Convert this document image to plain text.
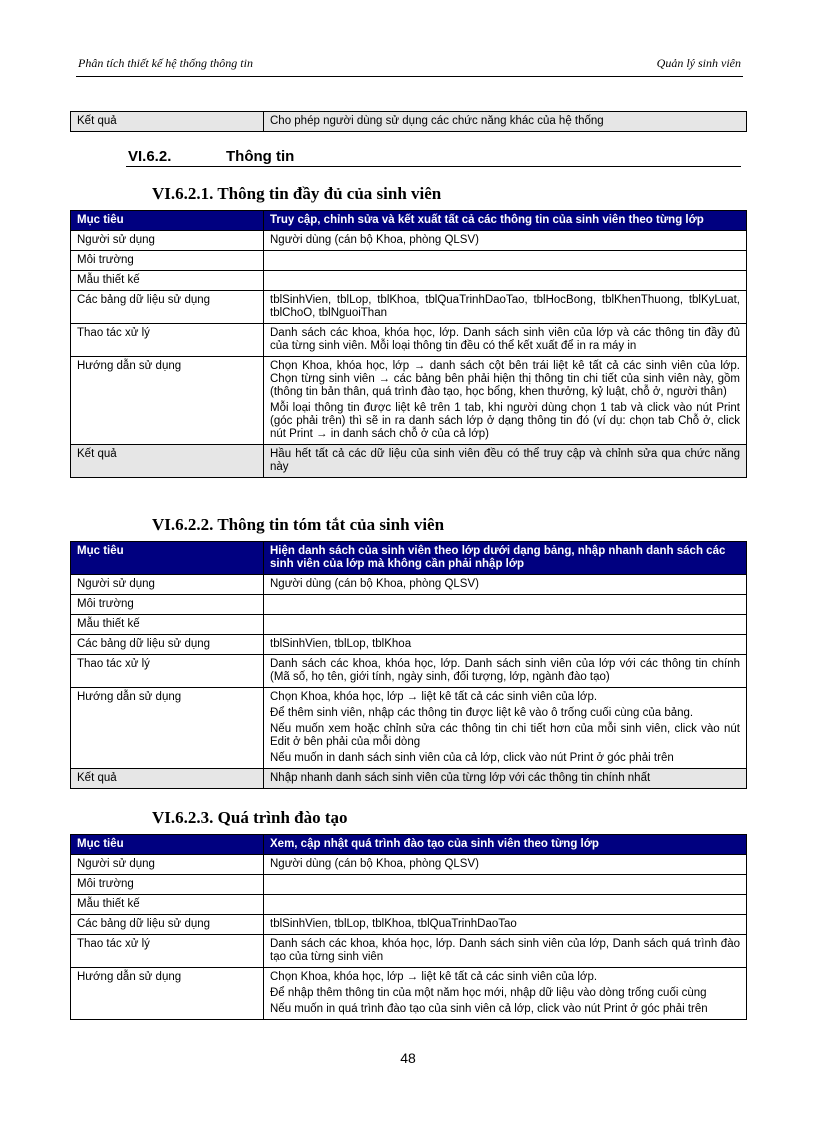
Phân tích thiết kế hệ thống thông tin	Quản lý sinh viên
Kết quả	Cho phép người dùng sử dụng các chức năng khác của hệ thống
VI.6.2.	Thông tin
VI.6.2.1. Thông tin đầy đủ của sinh viên
Mục tiêu	Truy cập, chỉnh sửa và kết xuất tất cả các thông tin của sinh viên theo từng lớp
Người sử dụng	Người dùng (cán bộ Khoa, phòng QLSV)

Môi trường	
Mẫu thiết kế	
Các bảng dữ liệu sử dụng	tblSinhVien, tblLop, tblKhoa, tblQuaTrinhDaoTao, tblHocBong, tblKhenThuong, tblKyLuat, tblChoO, tblNguoiThan

Thao tác xử lý	Danh sách các khoa, khóa học, lớp. Danh sách sinh viên của lớp và các thông tin đầy đủ của từng sinh viên. Mỗi loại thông tin đều có thể kết xuất để in ra máy in

Hướng dẫn sử dụng	Chọn Khoa, khóa học, lớp → danh sách cột bên trái liệt kê tất cả các sinh viên của lớp. Chọn từng sinh viên → các bảng bên phải hiện thị thông tin chi tiết của sinh viên này, gồm (thông tin bản thân, quá trình đào tạo, học bổng, khen thưởng, kỷ luật, chỗ ở, người thân)
Mỗi loại thông tin được liệt kê trên 1 tab, khi người dùng chọn 1 tab và click vào nút Print (góc phải trên) thì sẽ in ra danh sách lớp ở dạng thông tin đó (ví dụ: chọn tab Chỗ ở, click nút Print → in danh sách chỗ ở của cả lớp)

Kết quả	Hầu hết tất cả các dữ liệu của sinh viên đều có thể truy cập và chỉnh sửa qua chức năng này
VI.6.2.2. Thông tin tóm tắt của sinh viên
Mục tiêu	Hiện danh sách của sinh viên theo lớp dưới dạng bảng, nhập nhanh danh sách các sinh viên của lớp mà không cần phải nhập lớp
Người sử dụng	Người dùng (cán bộ Khoa, phòng QLSV)

Môi trường	
Mẫu thiết kế	
Các bảng dữ liệu sử dụng	tblSinhVien, tblLop, tblKhoa

Thao tác xử lý	Danh sách các khoa, khóa học, lớp. Danh sách sinh viên của lớp với các thông tin chính (Mã số, họ tên, giới tính, ngày sinh, đối tượng, lớp, ngành đào tạo)

Hướng dẫn sử dụng	Chọn Khoa, khóa học, lớp → liệt kê tất cả các sinh viên của lớp.
Để thêm sinh viên, nhập các thông tin được liệt kê vào ô trống cuối cùng của bảng.
Nếu muốn xem hoặc chỉnh sửa các thông tin chi tiết hơn của mỗi sinh viên, click vào nút Edit ở bên phải của mỗi dòng
Nếu muốn in danh sách sinh viên của cả lớp, click vào nút Print ở góc phải trên

Kết quả	Nhập nhanh danh sách sinh viên của từng lớp với các thông tin chính nhất
VI.6.2.3. Quá trình đào tạo
Mục tiêu	Xem, cập nhật quá trình đào tạo của sinh viên theo từng lớp
Người sử dụng	Người dùng (cán bộ Khoa, phòng QLSV)

Môi trường	
Mẫu thiết kế	
Các bảng dữ liệu sử dụng	tblSinhVien, tblLop, tblKhoa, tblQuaTrinhDaoTao

Thao tác xử lý	Danh sách các khoa, khóa học, lớp. Danh sách sinh viên của lớp, Danh sách quá trình đào tạo của từng sinh viên

Hướng dẫn sử dụng	Chọn Khoa, khóa học, lớp → liệt kê tất cả các sinh viên của lớp.
Để nhập thêm thông tin của một năm học mới, nhập dữ liệu vào dòng trống cuối cùng
Nếu muốn in quá trình đào tạo của sinh viên cả lớp, click vào nút Print ở góc phải trên
48
